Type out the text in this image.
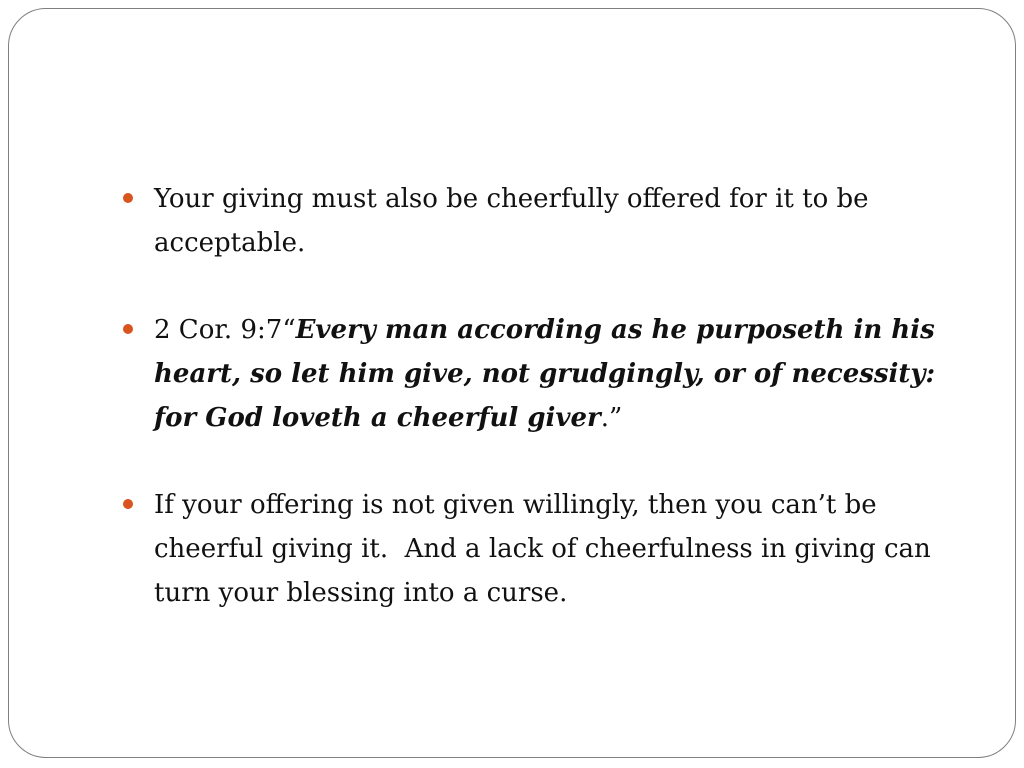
Your giving must also be cheerfully offered for it to be acceptable.
2 Cor. 9:7“Every man according as he purposeth in his heart, so let him give, not grudgingly, or of necessity: for God loveth a cheerful giver.”
If your offering is not given willingly, then you can’t be cheerful giving it.  And a lack of cheerfulness in giving can turn your blessing into a curse.
